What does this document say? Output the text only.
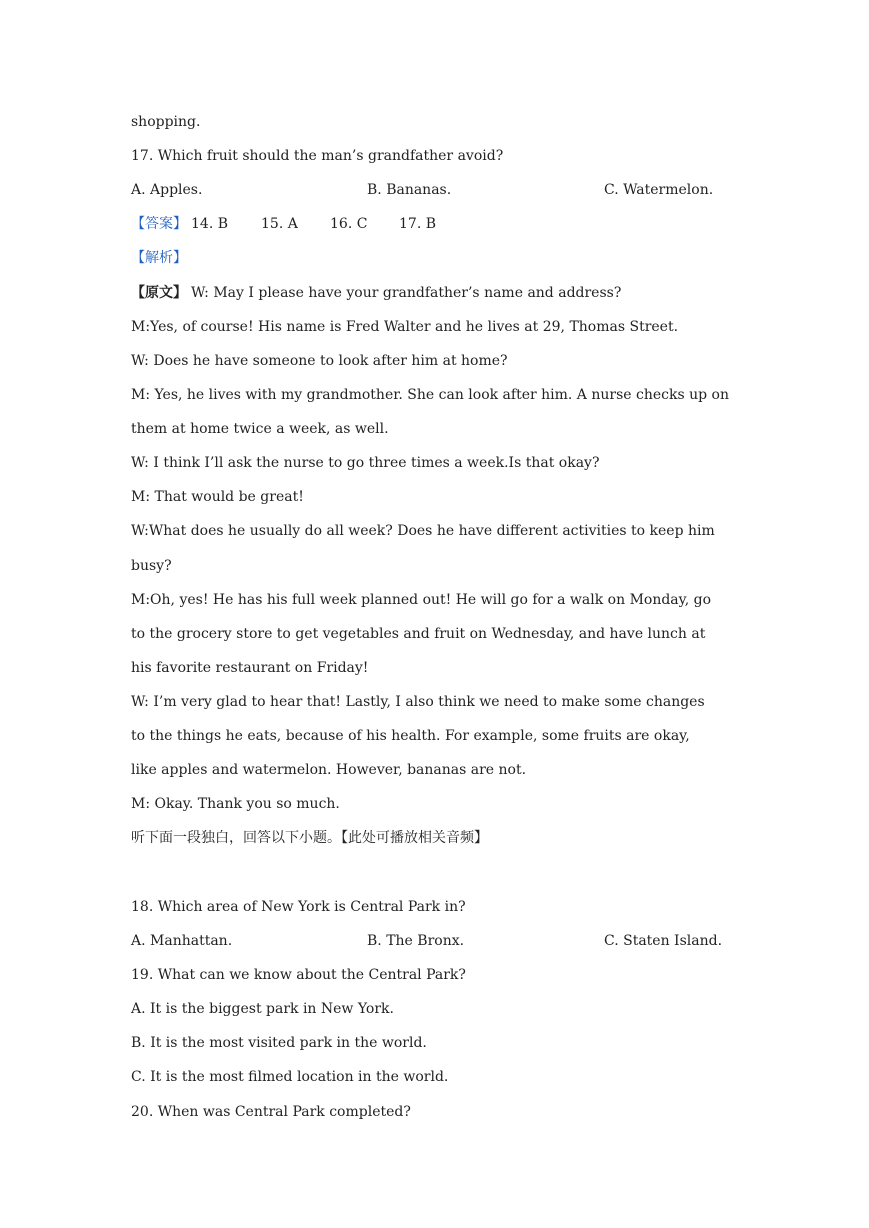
shopping.
17. Which fruit should the man’s grandfather avoid?
A. Apples.	B. Bananas.	C. Watermelon.
【答案】 14. B 15. A 16. C 17. B
【解析】
【原文】 W: May I please have your grandfather’s name and address?
M:Yes, of course! His name is Fred Walter and he lives at 29, Thomas Street.
W: Does he have someone to look after him at home?
M: Yes, he lives with my grandmother. She can look after him. A nurse checks up on
them at home twice a week, as well.
W: I think I’ll ask the nurse to go three times a week.Is that okay?
M: That would be great!
W:What does he usually do all week? Does he have different activities to keep him
busy?
M:Oh, yes! He has his full week planned out! He will go for a walk on Monday, go
to the grocery store to get vegetables and fruit on Wednesday, and have lunch at
his favorite restaurant on Friday!
W: I’m very glad to hear that! Lastly, I also think we need to make some changes
to the things he eats, because of his health. For example, some fruits are okay,
like apples and watermelon. However, bananas are not.
M: Okay. Thank you so much.
听下面一段独白，回答以下小题。【此处可播放相关音频】
18. Which area of New York is Central Park in?
A. Manhattan.	B. The Bronx.	C. Staten Island.
19. What can we know about the Central Park?
A. It is the biggest park in New York.
B. It is the most visited park in the world.
C. It is the most filmed location in the world.
20. When was Central Park completed?
